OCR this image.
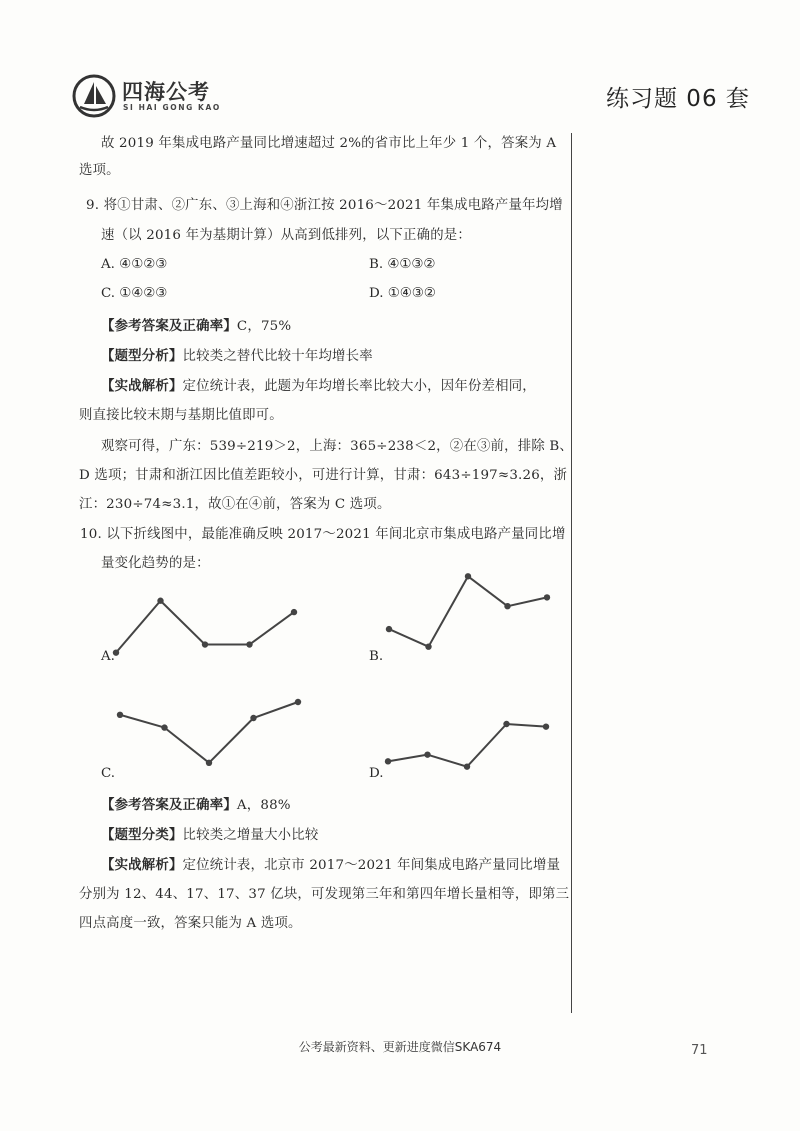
四海公考
SI HAI GONG KAO	练习题 06 套
故 2019 年集成电路产量同比增速超过 2%的省市比上年少 1 个，答案为 A
选项。
9. 将①甘肃、②广东、③上海和④浙江按 2016～2021 年集成电路产量年均增
速（以 2016 年为基期计算）从高到低排列，以下正确的是：
A. ④①②③	B. ④①③②
C. ①④②③	D. ①④③②
【参考答案及正确率】C，75%
【题型分析】比较类之替代比较十年均增长率
【实战解析】定位统计表，此题为年均增长率比较大小，因年份差相同，
则直接比较末期与基期比值即可。
观察可得，广东：539÷219＞2，上海：365÷238＜2，②在③前，排除 B、
D 选项；甘肃和浙江因比值差距较小，可进行计算，甘肃：643÷197≈3.26，浙
江：230÷74≈3.1，故①在④前，答案为 C 选项。
10. 以下折线图中，最能准确反映 2017～2021 年间北京市集成电路产量同比增
量变化趋势的是：
A.	B.
C.	D.
【参考答案及正确率】A，88%
【题型分类】比较类之增量大小比较
【实战解析】定位统计表，北京市 2017～2021 年间集成电路产量同比增量
分别为 12、44、17、17、37 亿块，可发现第三年和第四年增长量相等，即第三
四点高度一致，答案只能为 A 选项。
公考最新资料、更新进度微信SKA674	71
